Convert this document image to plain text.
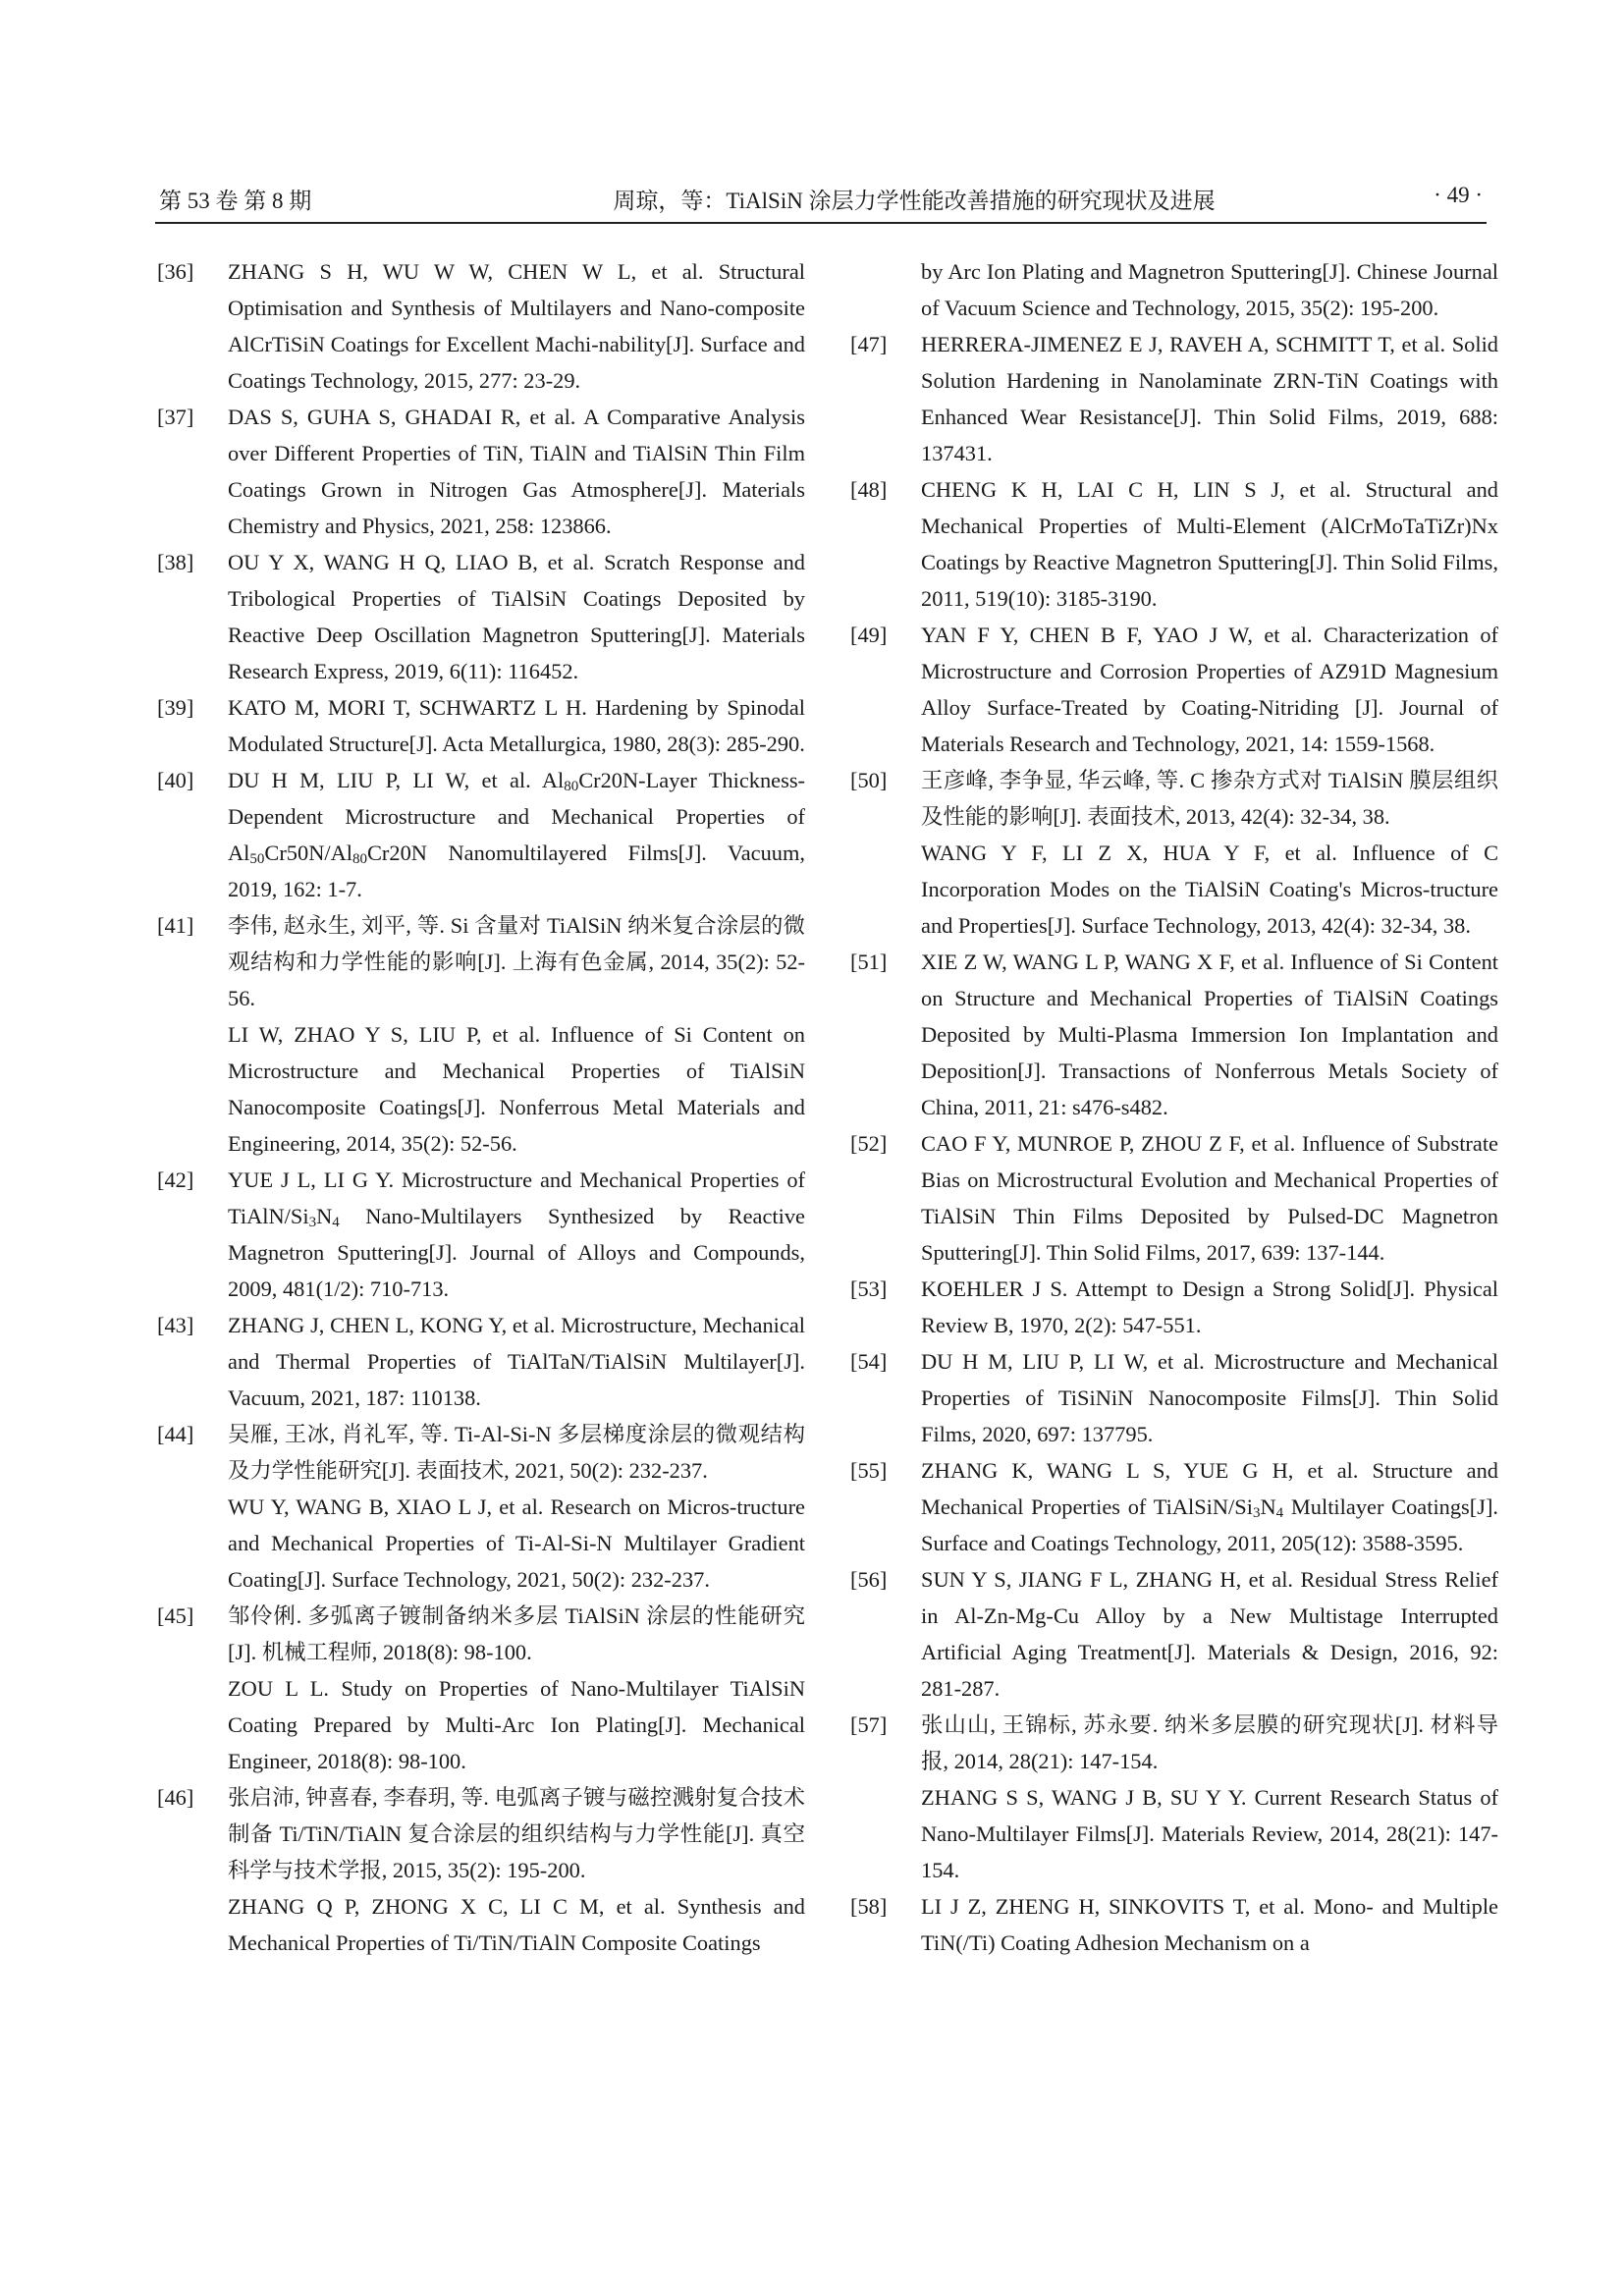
第 53 卷 第 8 期	周琼，等：TiAlSiN 涂层力学性能改善措施的研究现状及进展	· 49 ·
[36]	ZHANG S H, WU W W, CHEN W L, et al. Structural Optimisation and Synthesis of Multilayers and Nano-composite AlCrTiSiN Coatings for Excellent Machi-nability[J]. Surface and Coatings Technology, 2015, 277: 23-29.

[37]	DAS S, GUHA S, GHADAI R, et al. A Comparative Analysis over Different Properties of TiN, TiAlN and TiAlSiN Thin Film Coatings Grown in Nitrogen Gas Atmosphere[J]. Materials Chemistry and Physics, 2021, 258: 123866.

[38]	OU Y X, WANG H Q, LIAO B, et al. Scratch Response and Tribological Properties of TiAlSiN Coatings Deposited by Reactive Deep Oscillation Magnetron Sputtering[J]. Materials Research Express, 2019, 6(11): 116452.

[39]	KATO M, MORI T, SCHWARTZ L H. Hardening by Spinodal Modulated Structure[J]. Acta Metallurgica, 1980, 28(3): 285-290.

[40]	DU H M, LIU P, LI W, et al. $Al_{80}Cr20N$-Layer Thickness-Dependent Microstructure and Mechanical Properties of $Al_{50}Cr50N/Al_{80}Cr20N$ Nanomultilayered Films[J]. Vacuum, 2019, 162: 1-7.

[41]	李伟, 赵永生, 刘平, 等. Si 含量对 TiAlSiN 纳米复合涂层的微观结构和力学性能的影响[J]. 上海有色金属, 2014, 35(2): 52-56.

LI W, ZHAO Y S, LIU P, et al. Influence of Si Content on Microstructure and Mechanical Properties of TiAlSiN Nanocomposite Coatings[J]. Nonferrous Metal Materials and Engineering, 2014, 35(2): 52-56.

[42]	YUE J L, LI G Y. Microstructure and Mechanical Properties of TiAlN/$Si_3N_4$ Nano-Multilayers Synthesized by Reactive Magnetron Sputtering[J]. Journal of Alloys and Compounds, 2009, 481(1/2): 710-713.

[43]	ZHANG J, CHEN L, KONG Y, et al. Microstructure, Mechanical and Thermal Properties of TiAlTaN/TiAlSiN Multilayer[J]. Vacuum, 2021, 187: 110138.

[44]	吴雁, 王冰, 肖礼军, 等. Ti-Al-Si-N 多层梯度涂层的微观结构及力学性能研究[J]. 表面技术, 2021, 50(2): 232-237.

WU Y, WANG B, XIAO L J, et al. Research on Micros-tructure and Mechanical Properties of Ti-Al-Si-N Multilayer Gradient Coating[J]. Surface Technology, 2021, 50(2): 232-237.

[45]	邹伶俐. 多弧离子镀制备纳米多层 TiAlSiN 涂层的性能研究[J]. 机械工程师, 2018(8): 98-100.

ZOU L L. Study on Properties of Nano-Multilayer TiAlSiN Coating Prepared by Multi-Arc Ion Plating[J]. Mechanical Engineer, 2018(8): 98-100.

[46]	张启沛, 钟喜春, 李春玥, 等. 电弧离子镀与磁控溅射复合技术制备 Ti/TiN/TiAlN 复合涂层的组织结构与力学性能[J]. 真空科学与技术学报, 2015, 35(2): 195-200.

ZHANG Q P, ZHONG X C, LI C M, et al. Synthesis and Mechanical Properties of Ti/TiN/TiAlN Composite Coatings

by Arc Ion Plating and Magnetron Sputtering[J]. Chinese Journal of Vacuum Science and Technology, 2015, 35(2): 195-200.

[47]	HERRERA-JIMENEZ E J, RAVEH A, SCHMITT T, et al. Solid Solution Hardening in Nanolaminate ZRN-TiN Coatings with Enhanced Wear Resistance[J]. Thin Solid Films, 2019, 688: 137431.

[48]	CHENG K H, LAI C H, LIN S J, et al. Structural and Mechanical Properties of Multi-Element (AlCrMoTaTiZr)Nx Coatings by Reactive Magnetron Sputtering[J]. Thin Solid Films, 2011, 519(10): 3185-3190.

[49]	YAN F Y, CHEN B F, YAO J W, et al. Characterization of Microstructure and Corrosion Properties of AZ91D Magnesium Alloy Surface-Treated by Coating-Nitriding [J]. Journal of Materials Research and Technology, 2021, 14: 1559-1568.

[50]	王彦峰, 李争显, 华云峰, 等. C 掺杂方式对 TiAlSiN 膜层组织及性能的影响[J]. 表面技术, 2013, 42(4): 32-34, 38.

WANG Y F, LI Z X, HUA Y F, et al. Influence of C Incorporation Modes on the TiAlSiN Coating's Micros-tructure and Properties[J]. Surface Technology, 2013, 42(4): 32-34, 38.

[51]	XIE Z W, WANG L P, WANG X F, et al. Influence of Si Content on Structure and Mechanical Properties of TiAlSiN Coatings Deposited by Multi-Plasma Immersion Ion Implantation and Deposition[J]. Transactions of Nonferrous Metals Society of China, 2011, 21: s476-s482.

[52]	CAO F Y, MUNROE P, ZHOU Z F, et al. Influence of Substrate Bias on Microstructural Evolution and Mechanical Properties of TiAlSiN Thin Films Deposited by Pulsed-DC Magnetron Sputtering[J]. Thin Solid Films, 2017, 639: 137-144.

[53]	KOEHLER J S. Attempt to Design a Strong Solid[J]. Physical Review B, 1970, 2(2): 547-551.

[54]	DU H M, LIU P, LI W, et al. Microstructure and Mechanical Properties of TiSiNiN Nanocomposite Films[J]. Thin Solid Films, 2020, 697: 137795.

[55]	ZHANG K, WANG L S, YUE G H, et al. Structure and Mechanical Properties of TiAlSiN/$Si_3N_4$ Multilayer Coatings[J]. Surface and Coatings Technology, 2011, 205(12): 3588-3595.

[56]	SUN Y S, JIANG F L, ZHANG H, et al. Residual Stress Relief in Al-Zn-Mg-Cu Alloy by a New Multistage Interrupted Artificial Aging Treatment[J]. Materials & Design, 2016, 92: 281-287.

[57]	张山山, 王锦标, 苏永要. 纳米多层膜的研究现状[J]. 材料导报, 2014, 28(21): 147-154.

ZHANG S S, WANG J B, SU Y Y. Current Research Status of Nano-Multilayer Films[J]. Materials Review, 2014, 28(21): 147-154.

[58]	LI J Z, ZHENG H, SINKOVITS T, et al. Mono- and Multiple TiN(/Ti) Coating Adhesion Mechanism on a
